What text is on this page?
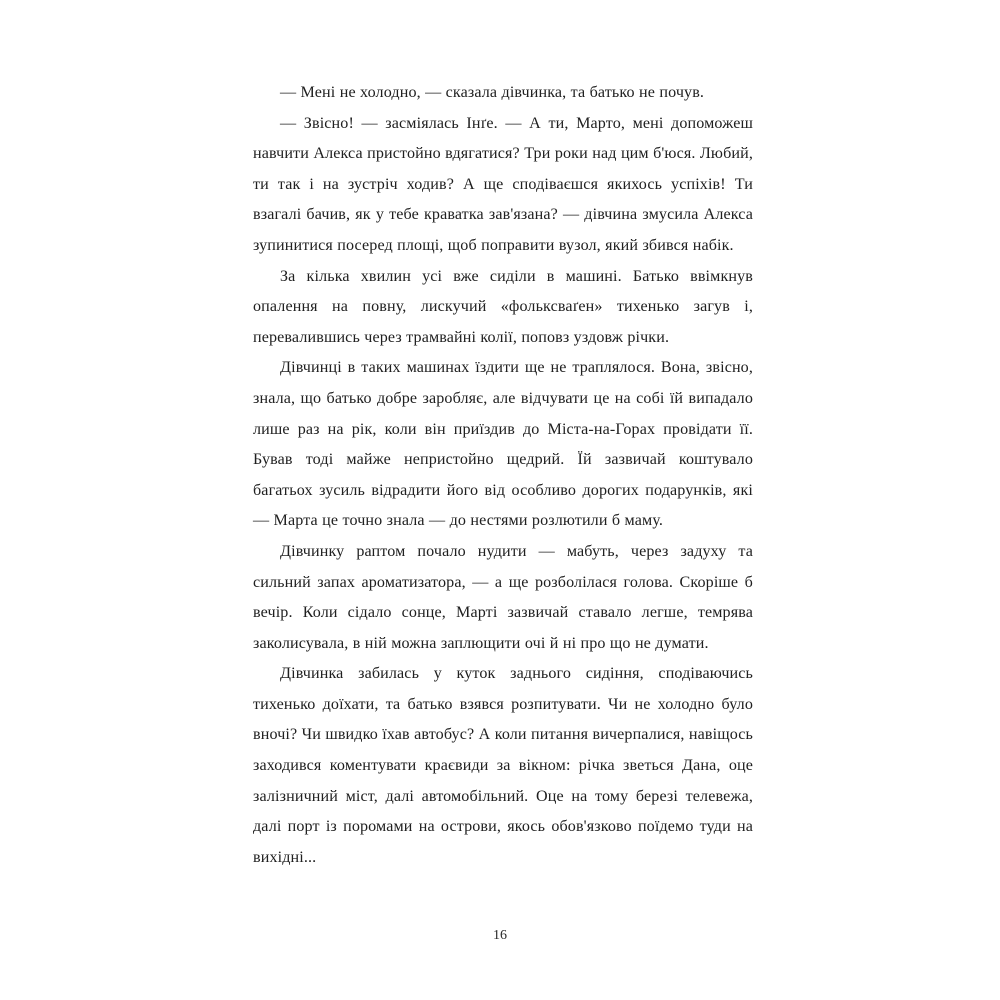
— Мені не холодно, — сказала дівчинка, та батько не почув.

— Звісно! — засміялась Інґе. — А ти, Марто, мені допоможеш навчити Алекса пристойно вдягатися? Три роки над цим б'юся. Любий, ти так і на зустріч ходив? А ще сподіваєшся якихось успіхів! Ти взагалі бачив, як у тебе краватка зав'язана? — дівчина змусила Алекса зупинитися посеред площі, щоб поправити вузол, який збився набік.

За кілька хвилин усі вже сиділи в машині. Батько ввімкнув опалення на повну, лискучий «фольксваґен» тихенько загув і, перевалившись через трамвайні колії, поповз уздовж річки.

Дівчинці в таких машинах їздити ще не траплялося. Вона, звісно, знала, що батько добре заробляє, але відчувати це на собі їй випадало лише раз на рік, коли він приїздив до Міста-на-Горах провідати її. Бував тоді майже непристойно щедрий. Їй зазвичай коштувало багатьох зусиль відрадити його від особливо дорогих подарунків, які — Марта це точно знала — до нестями розлютили б маму.

Дівчинку раптом почало нудити — мабуть, через задуху та сильний запах ароматизатора, — а ще розболілася голова. Скоріше б вечір. Коли сідало сонце, Марті зазвичай ставало легше, темрява заколисувала, в ній можна заплющити очі й ні про що не думати.

Дівчинка забилась у куток заднього сидіння, сподіваючись тихенько доїхати, та батько взявся розпитувати. Чи не холодно було вночі? Чи швидко їхав автобус? А коли питання вичерпалися, навіщось заходився коментувати краєвиди за вікном: річка зветься Дана, оце залізничний міст, далі автомобільний. Оце на тому березі телевежа, далі порт із поромами на острови, якось обов'язково поїдемо туди на вихідні...

16
